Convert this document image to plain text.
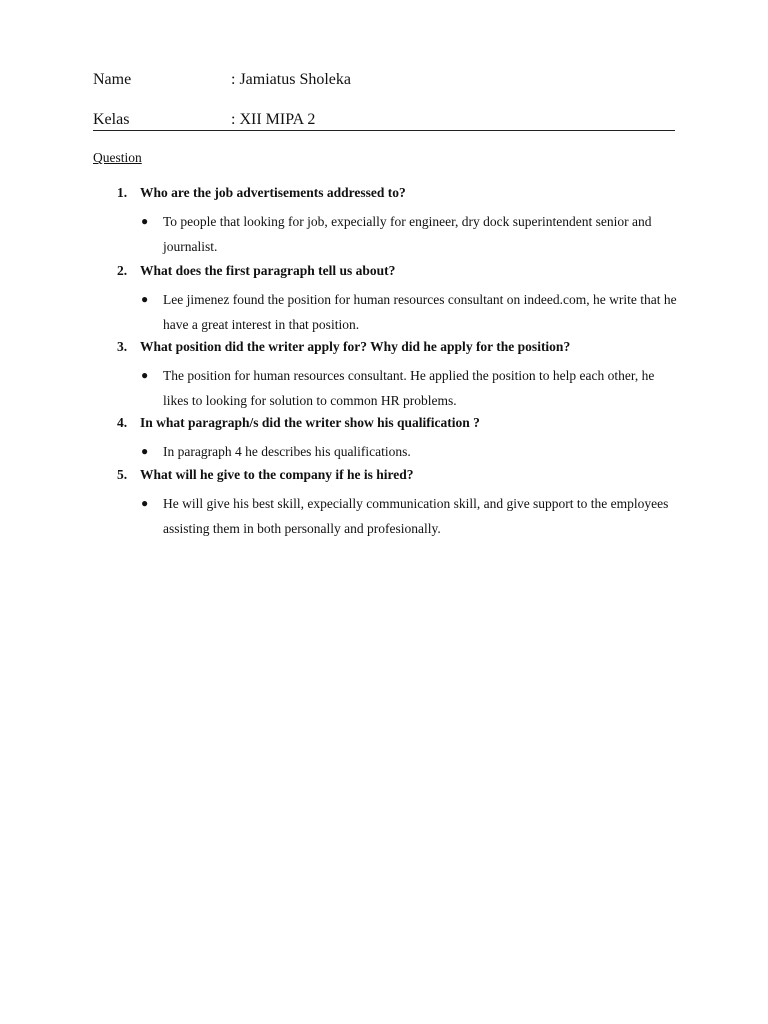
Name	: Jamiatus Sholeka
Kelas	: XII MIPA 2
Question
1. Who are the job advertisements addressed to?
●	To people that looking for job, expecially for engineer, dry dock superintendent senior and journalist.
2. What does the first paragraph tell us about?
●	Lee jimenez found the position for human resources consultant on indeed.com, he write that he have a great interest in that position.
3. What position did the writer apply for? Why did he apply for the position?
●	The position for human resources consultant. He applied the position to help each other, he likes to looking for solution to common HR problems.
4. In what paragraph/s did the writer show his qualification ?
●	In paragraph 4 he describes his qualifications.
5. What will he give to the company if he is hired?
●	He will give his best skill, expecially communication skill, and give support to the employees assisting them in both personally and profesionally.
